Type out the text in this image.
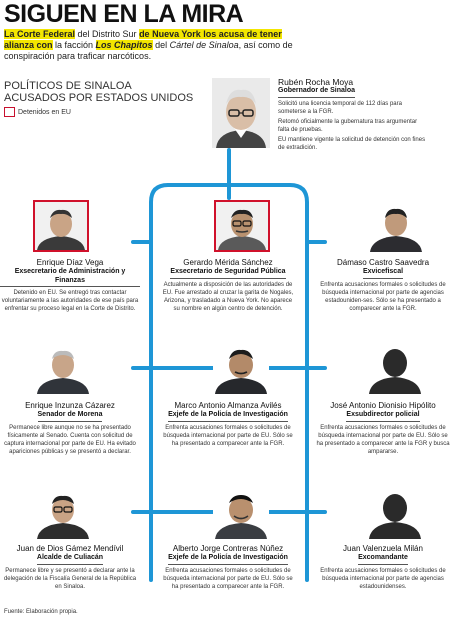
SIGUEN EN LA MIRA
La Corte Federal del Distrito Sur de Nueva York los acusa de tener alianza con la facción Los Chapitos del Cártel de Sinaloa, así como de conspiración para traficar narcóticos.
POLÍTICOS DE SINALOA
ACUSADOS POR ESTADOS UNIDOS
Detenidos en EU
Rubén Rocha Moya
Gobernador de Sinaloa
Solicitó una licencia temporal de 112 días para someterse a la FGR.
Retomó oficialmente la gubernatura tras argumentar falta de pruebas.
EU mantiene vigente la solicitud de detención con fines de extradición.
Enrique Díaz Vega
Exsecretario de Administración y Finanzas
Detenido en EU. Se entregó tras contactar voluntariamente a las autoridades de ese país para enfrentar su proceso legal en la Corte de Distrito.
Gerardo Mérida Sánchez
Exsecretario de Seguridad Pública
Actualmente a disposición de las autoridades de EU. Fue arrestado al cruzar la garita de Nogales, Arizona, y trasladado a Nueva York. No aparece su nombre en algún centro de detención.
Dámaso Castro Saavedra
Exvicefiscal
Enfrenta acusaciones formales o solicitudes de búsqueda internacional por parte de agencias estadouniden-ses. Sólo se ha presentado a comparecer ante la FGR.
Enrique Inzunza Cázarez
Senador de Morena
Permanece libre aunque no se ha presentado físicamente al Senado. Cuenta con solicitud de captura internacional por parte de EU. Ha evitado apariciones públicas y se presentó a declarar.
Marco Antonio Almanza Avilés
Exjefe de la Policía de Investigación
Enfrenta acusaciones formales o solicitudes de búsqueda internacional por parte de EU. Sólo se ha presentado a comparecer ante la FGR.
José Antonio Dionisio Hipólito
Exsubdirector policial
Enfrenta acusaciones formales o solicitudes de búsqueda internacional por parte de EU. Sólo se ha presentado a comparecer ante la FGR y busca ampararse.
Juan de Dios Gámez Mendívil
Alcalde de Culiacán
Permanece libre y se presentó a declarar ante la delegación de la Fiscalía General de la República en Sinaloa.
Alberto Jorge Contreras Núñez
Exjefe de la Policía de Investigación
Enfrenta acusaciones formales o solicitudes de búsqueda internacional por parte de EU. Sólo se ha presentado a comparecer ante la FGR.
Juan Valenzuela Milán
Excomandante
Enfrenta acusaciones formales o solicitudes de búsqueda internacional por parte de agencias estadounidenses.
Fuente: Elaboración propia.
